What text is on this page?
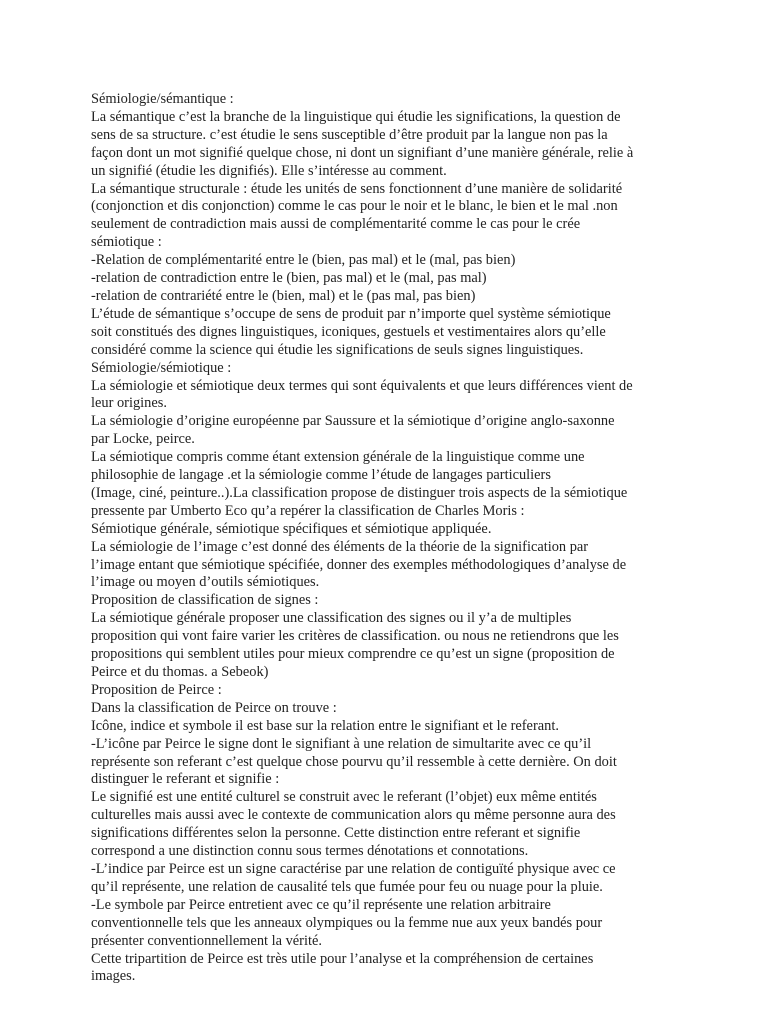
Sémiologie/sémantique :
La sémantique c’est la branche de la linguistique qui étudie les significations, la question de
sens de sa structure. c’est étudie le sens susceptible d’être produit par la langue non pas la
façon dont un mot signifié quelque chose, ni dont un signifiant d’une manière générale, relie à
un signifié (étudie les dignifiés). Elle s’intéresse au comment.
La sémantique structurale : étude les unités de sens fonctionnent d’une manière de solidarité
(conjonction et dis conjonction) comme le cas pour le noir et le blanc, le bien et le mal .non
seulement de contradiction mais aussi de complémentarité comme le cas pour le crée
sémiotique :
-Relation de complémentarité entre le (bien, pas mal) et le (mal, pas bien)
-relation de contradiction entre le (bien, pas mal) et le (mal, pas mal)
-relation de contrariété entre le (bien, mal) et le (pas mal, pas bien)
L’étude de sémantique s’occupe de sens de produit par n’importe quel système sémiotique
soit constitués des dignes linguistiques, iconiques, gestuels et vestimentaires alors qu’elle
considéré comme la science qui étudie les significations de seuls signes linguistiques.
Sémiologie/sémiotique :
La sémiologie et sémiotique deux termes qui sont équivalents et que leurs différences vient de
leur origines.
La sémiologie d’origine européenne par Saussure et la sémiotique d’origine anglo-saxonne
par Locke, peirce.
La sémiotique compris comme étant extension générale de la linguistique comme une
philosophie de langage .et la sémiologie comme l’étude de langages particuliers
(Image, ciné, peinture..).La classification propose de distinguer trois aspects de la sémiotique
pressente par Umberto Eco qu’a repérer la classification de Charles Moris :
Sémiotique générale, sémiotique spécifiques et sémiotique appliquée.
La sémiologie de l’image c’est donné des éléments de la théorie de la signification par
l’image entant que sémiotique spécifiée, donner des exemples méthodologiques d’analyse de
l’image ou moyen d’outils sémiotiques.
Proposition de classification de signes :
La sémiotique générale proposer une classification des signes ou il y’a de multiples
proposition qui vont faire varier les critères de classification. ou nous ne retiendrons que les
propositions qui semblent utiles pour mieux comprendre ce qu’est un signe (proposition de
Peirce et du thomas. a Sebeok)
Proposition de Peirce :
Dans la classification de Peirce on trouve :
Icône, indice et symbole il est base sur la relation entre le signifiant et le referant.
-L’icône par Peirce le signe dont le signifiant à une relation de simultarite avec ce qu’il
représente son referant c’est quelque chose pourvu qu’il ressemble à cette dernière. On doit
distinguer le referant et signifie :
Le signifié est une entité culturel se construit avec le referant (l’objet) eux même entités
culturelles mais aussi avec le contexte de communication alors qu même personne aura des
significations différentes selon la personne. Cette distinction entre referant et signifie
correspond a une distinction connu sous termes dénotations et connotations.
-L’indice par Peirce est un signe caractérise par une relation de contiguïté physique avec ce
qu’il représente, une relation de causalité tels que fumée pour feu ou nuage pour la pluie.
-Le symbole par Peirce entretient avec ce qu’il représente une relation arbitraire
conventionnelle tels que les anneaux olympiques ou la femme nue aux yeux bandés pour
présenter conventionnellement la vérité.
Cette tripartition de Peirce est très utile pour l’analyse et la compréhension de certaines
images.
